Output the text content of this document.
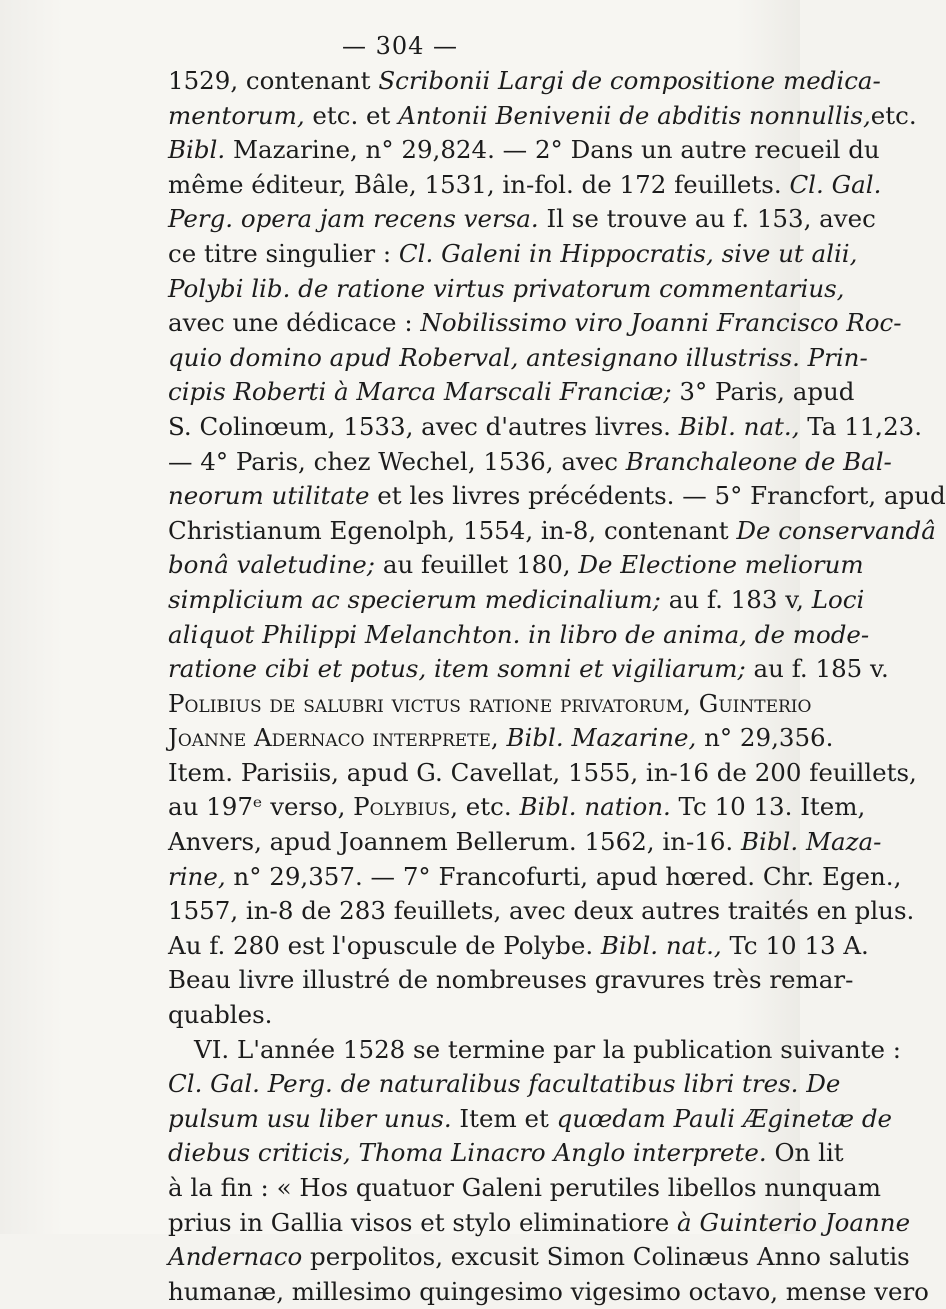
— 304 —
1529, contenant Scribonii Largi de compositione medica-
mentorum, etc. et Antonii Benivenii de abditis nonnullis,etc.
Bibl. Mazarine, n° 29,824. — 2° Dans un autre recueil du
même éditeur, Bâle, 1531, in-fol. de 172 feuillets. Cl. Gal.
Perg. opera jam recens versa. Il se trouve au f. 153, avec
ce titre singulier : Cl. Galeni in Hippocratis, sive ut alii,
Polybi lib. de ratione virtus privatorum commentarius,
avec une dédicace : Nobilissimo viro Joanni Francisco Roc-
quio domino apud Roberval, antesignano illustriss. Prin-
cipis Roberti à Marca Marscali Franciæ; 3° Paris, apud
S. Colinœum, 1533, avec d'autres livres. Bibl. nat., Ta 11,23.
— 4° Paris, chez Wechel, 1536, avec Branchaleone de Bal-
neorum utilitate et les livres précédents. — 5° Francfort, apud
Christianum Egenolph, 1554, in-8, contenant De conservandâ
bonâ valetudine; au feuillet 180, De Electione meliorum
simplicium ac specierum medicinalium; au f. 183 v, Loci
aliquot Philippi Melanchton. in libro de anima, de mode-
ratione cibi et potus, item somni et vigiliarum; au f. 185 v.
Polibius de salubri victus ratione privatorum, Guinterio
Joanne Adernaco interprete, Bibl. Mazarine, n° 29,356.
Item. Parisiis, apud G. Cavellat, 1555, in-16 de 200 feuillets,
au 197ᵉ verso, Polybius, etc. Bibl. nation. Tc 10 13. Item,
Anvers, apud Joannem Bellerum. 1562, in-16. Bibl. Maza-
rine, n° 29,357. — 7° Francofurti, apud hœred. Chr. Egen.,
1557, in-8 de 283 feuillets, avec deux autres traités en plus.
Au f. 280 est l'opuscule de Polybe. Bibl. nat., Tc 10 13 A.
Beau livre illustré de nombreuses gravures très remar-
quables.
VI. L'année 1528 se termine par la publication suivante :
Cl. Gal. Perg. de naturalibus facultatibus libri tres. De
pulsum usu liber unus. Item et quœdam Pauli Æginetæ de
diebus criticis, Thoma Linacro Anglo interprete. On lit
à la fin : « Hos quatuor Galeni perutiles libellos nunquam
prius in Gallia visos et stylo eliminatiore à Guinterio Joanne
Andernaco perpolitos, excusit Simon Colinæus Anno salutis
humanæ, millesimo quingesimo vigesimo octavo, mense vero
